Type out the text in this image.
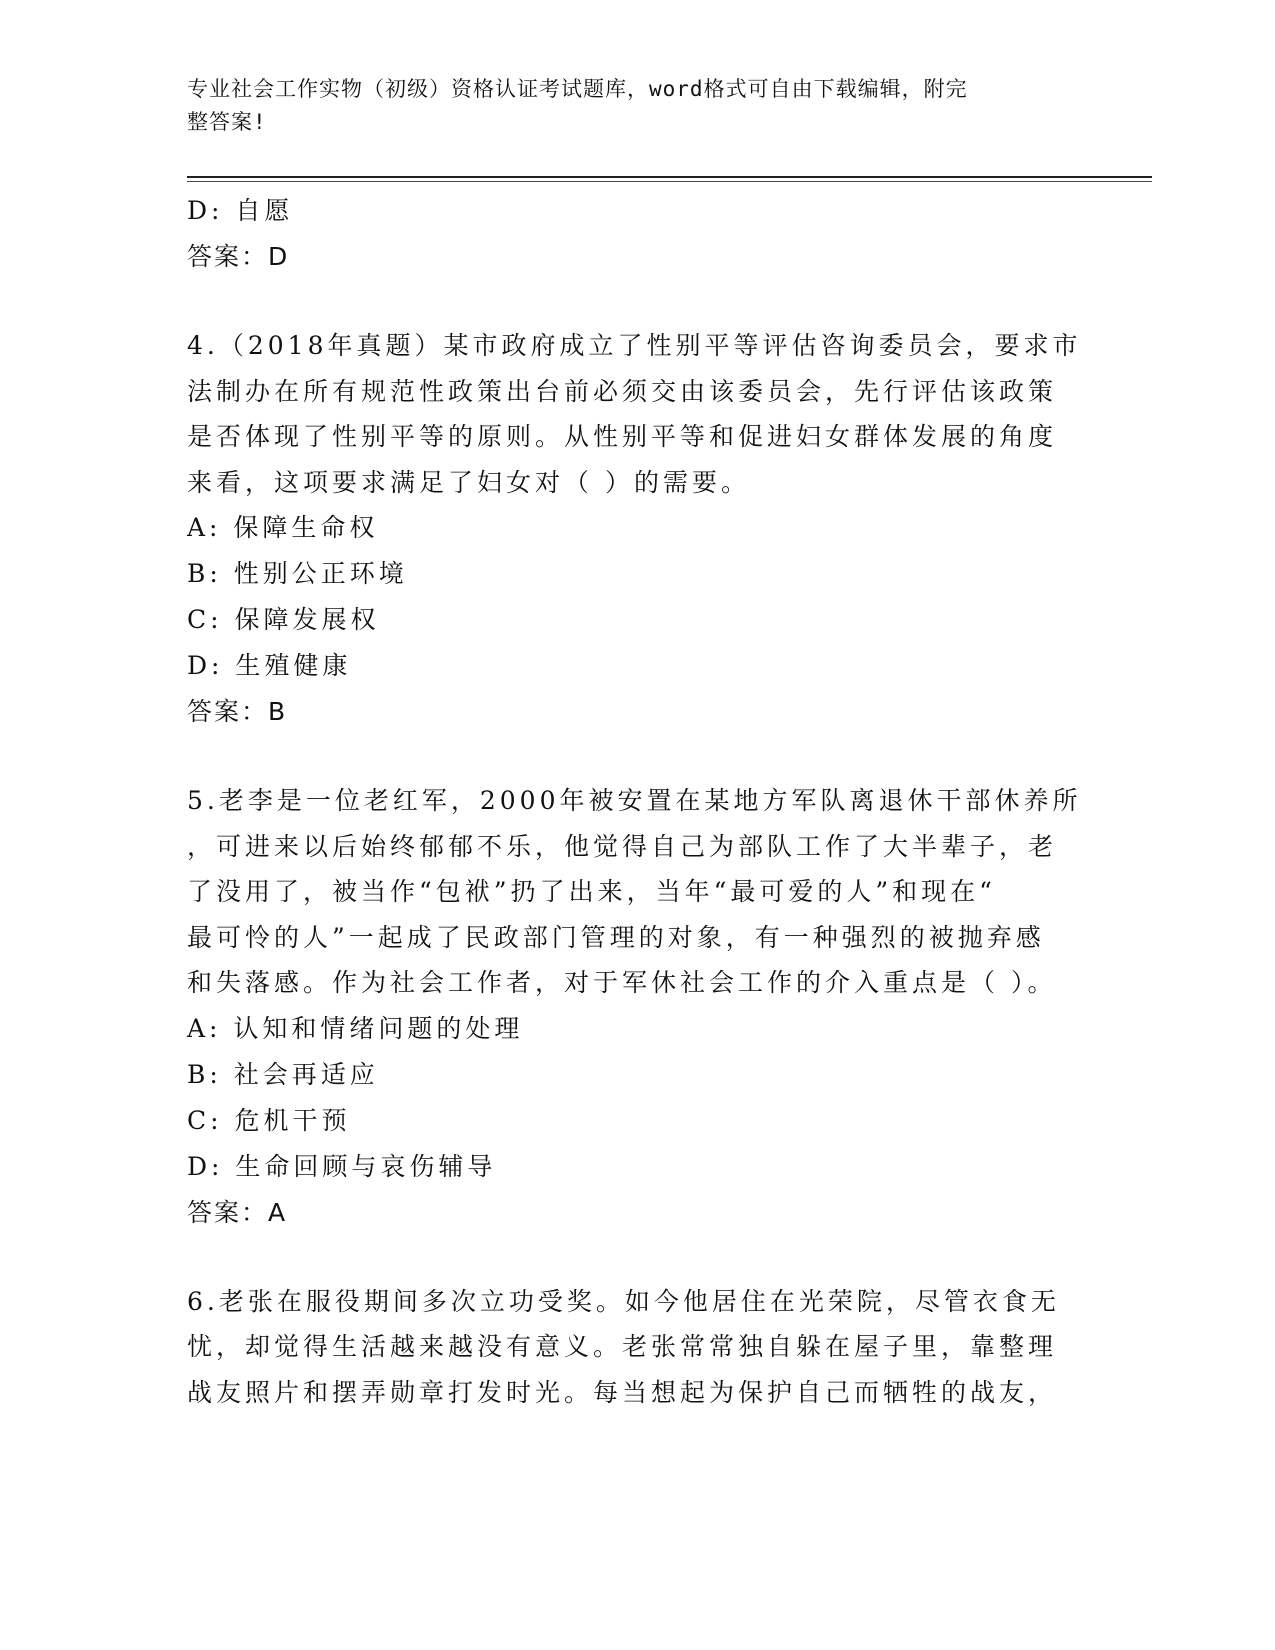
专业社会工作实物（初级）资格认证考试题库，word格式可自由下载编辑，附完
整答案!
D: 自愿
答案：D
4.（2018年真题）某市政府成立了性别平等评估咨询委员会，要求市
法制办在所有规范性政策出台前必须交由该委员会，先行评估该政策
是否体现了性别平等的原则。从性别平等和促进妇女群体发展的角度
来看，这项要求满足了妇女对（ ）的需要。
A: 保障生命权
B: 性别公正环境
C: 保障发展权
D: 生殖健康
答案：B
5.老李是一位老红军，2000年被安置在某地方军队离退休干部休养所
，可进来以后始终郁郁不乐，他觉得自己为部队工作了大半辈子，老
了没用了，被当作“包袱”扔了出来，当年“最可爱的人”和现在“
最可怜的人”一起成了民政部门管理的对象，有一种强烈的被抛弃感
和失落感。作为社会工作者，对于军休社会工作的介入重点是（ ）。
A: 认知和情绪问题的处理
B: 社会再适应
C: 危机干预
D: 生命回顾与哀伤辅导
答案：A
6.老张在服役期间多次立功受奖。如今他居住在光荣院，尽管衣食无
忧，却觉得生活越来越没有意义。老张常常独自躲在屋子里，靠整理
战友照片和摆弄勋章打发时光。每当想起为保护自己而牺牲的战友，
